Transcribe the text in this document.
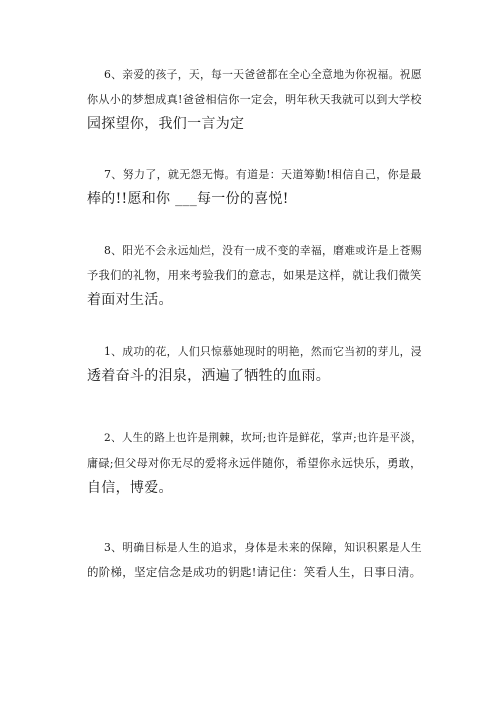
6、亲爱的孩子，天，每一天爸爸都在全心全意地为你祝福。祝愿
你从小的梦想成真!爸爸相信你一定会，明年秋天我就可以到大学校
园探望你，我们一言为定
7、努力了，就无怨无悔。有道是：天道筹勤!相信自己，你是最
棒的!!愿和你 ___每一份的喜悦!
8、阳光不会永远灿烂，没有一成不变的幸福，磨难或许是上苍赐
予我们的礼物，用来考验我们的意志，如果是这样，就让我们微笑
着面对生活。
1、成功的花，人们只惊慕她现时的明艳，然而它当初的芽儿，浸
透着奋斗的泪泉，洒遍了牺牲的血雨。
2、人生的路上也许是荆棘，坎坷;也许是鲜花，掌声;也许是平淡，
庸碌;但父母对你无尽的爱将永远伴随你，希望你永远快乐，勇敢，
自信，博爱。
3、明确目标是人生的追求，身体是未来的保障，知识积累是人生
的阶梯，坚定信念是成功的钥匙!请记住：笑看人生，日事日清。
